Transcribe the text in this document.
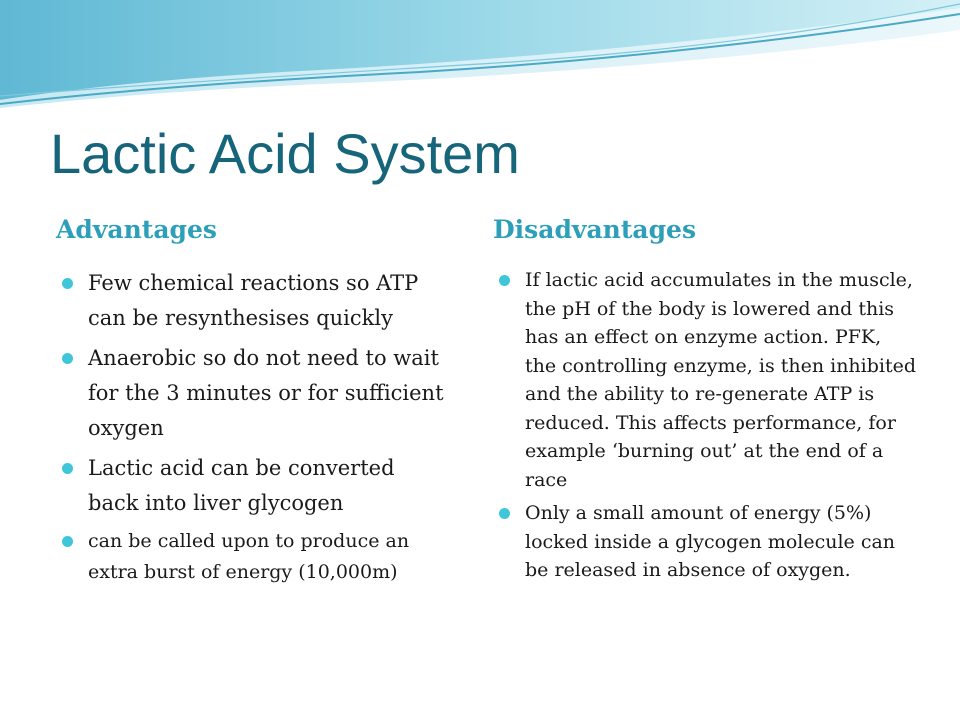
Lactic Acid System
Advantages	Disadvantages
Few chemical reactions so ATP can be resynthesises quickly
Anaerobic so do not need to wait for the 3 minutes or for sufficient oxygen
Lactic acid can be converted back into liver glycogen
can be called upon to produce an extra burst of energy (10,000m)
If lactic acid accumulates in the muscle, the pH of the body is lowered and this has an effect on enzyme action. PFK, the controlling enzyme, is then inhibited and the ability to re-generate ATP is reduced. This affects performance, for example ‘burning out’ at the end of a race
Only a small amount of energy (5%) locked inside a glycogen molecule can be released in absence of oxygen.
